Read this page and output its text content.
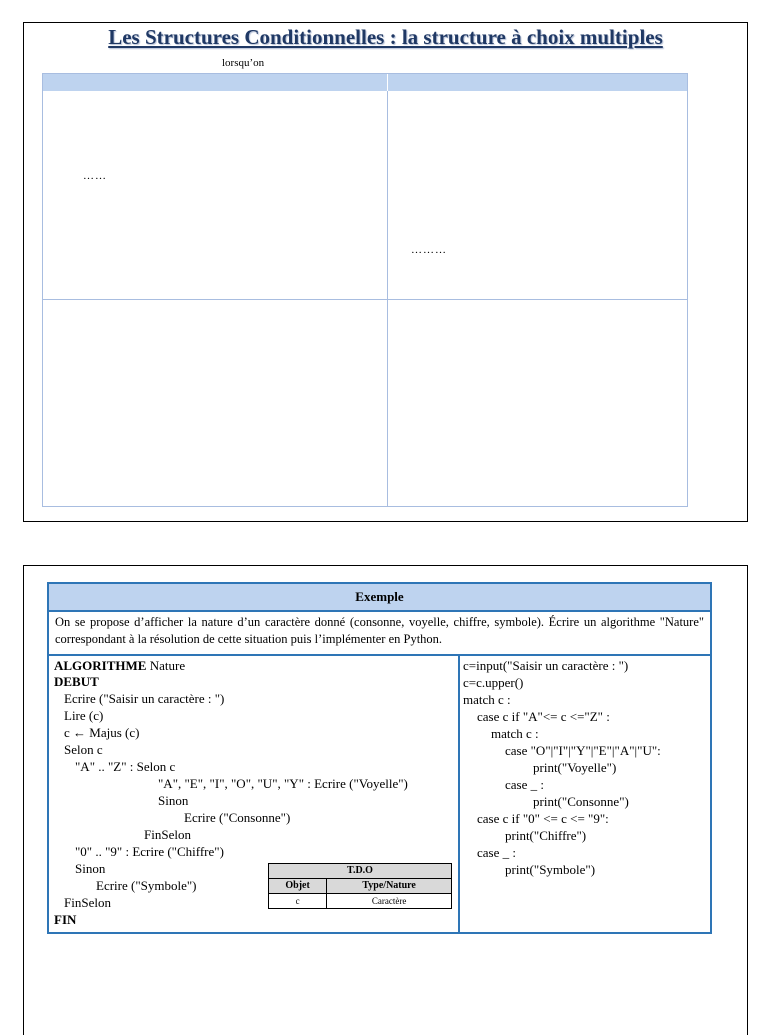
Les Structures Conditionnelles : la structure à choix multiples
lorsqu’on
……
………
Exemple
On se propose d’afficher la nature d’un caractère donné (consonne, voyelle, chiffre, symbole). Écrire un algorithme "Nature" correspondant à la résolution de cette situation puis l’implémenter en Python.
ALGORITHME Nature
DEBUT
Ecrire ("Saisir un caractère : ")
Lire (c)
c ← Majus (c)
Selon c
"A" .. "Z" : Selon c
"A", "E", "I", "O", "U", "Y" : Ecrire ("Voyelle")
Sinon
Ecrire ("Consonne")
FinSelon
"0" .. "9" : Ecrire ("Chiffre")
Sinon
Ecrire ("Symbole")
FinSelon
FIN
T.D.O	
Objet	Type/Nature
c	Caractère
c=input("Saisir un caractère : ")
c=c.upper()
match c :
case c if "A"<= c <="Z" :
match c :
case "O"|"I"|"Y"|"E"|"A"|"U":
print("Voyelle")
case _ :
print("Consonne")
case c if "0" <= c <= "9":
print("Chiffre")
case _ :
print("Symbole")
